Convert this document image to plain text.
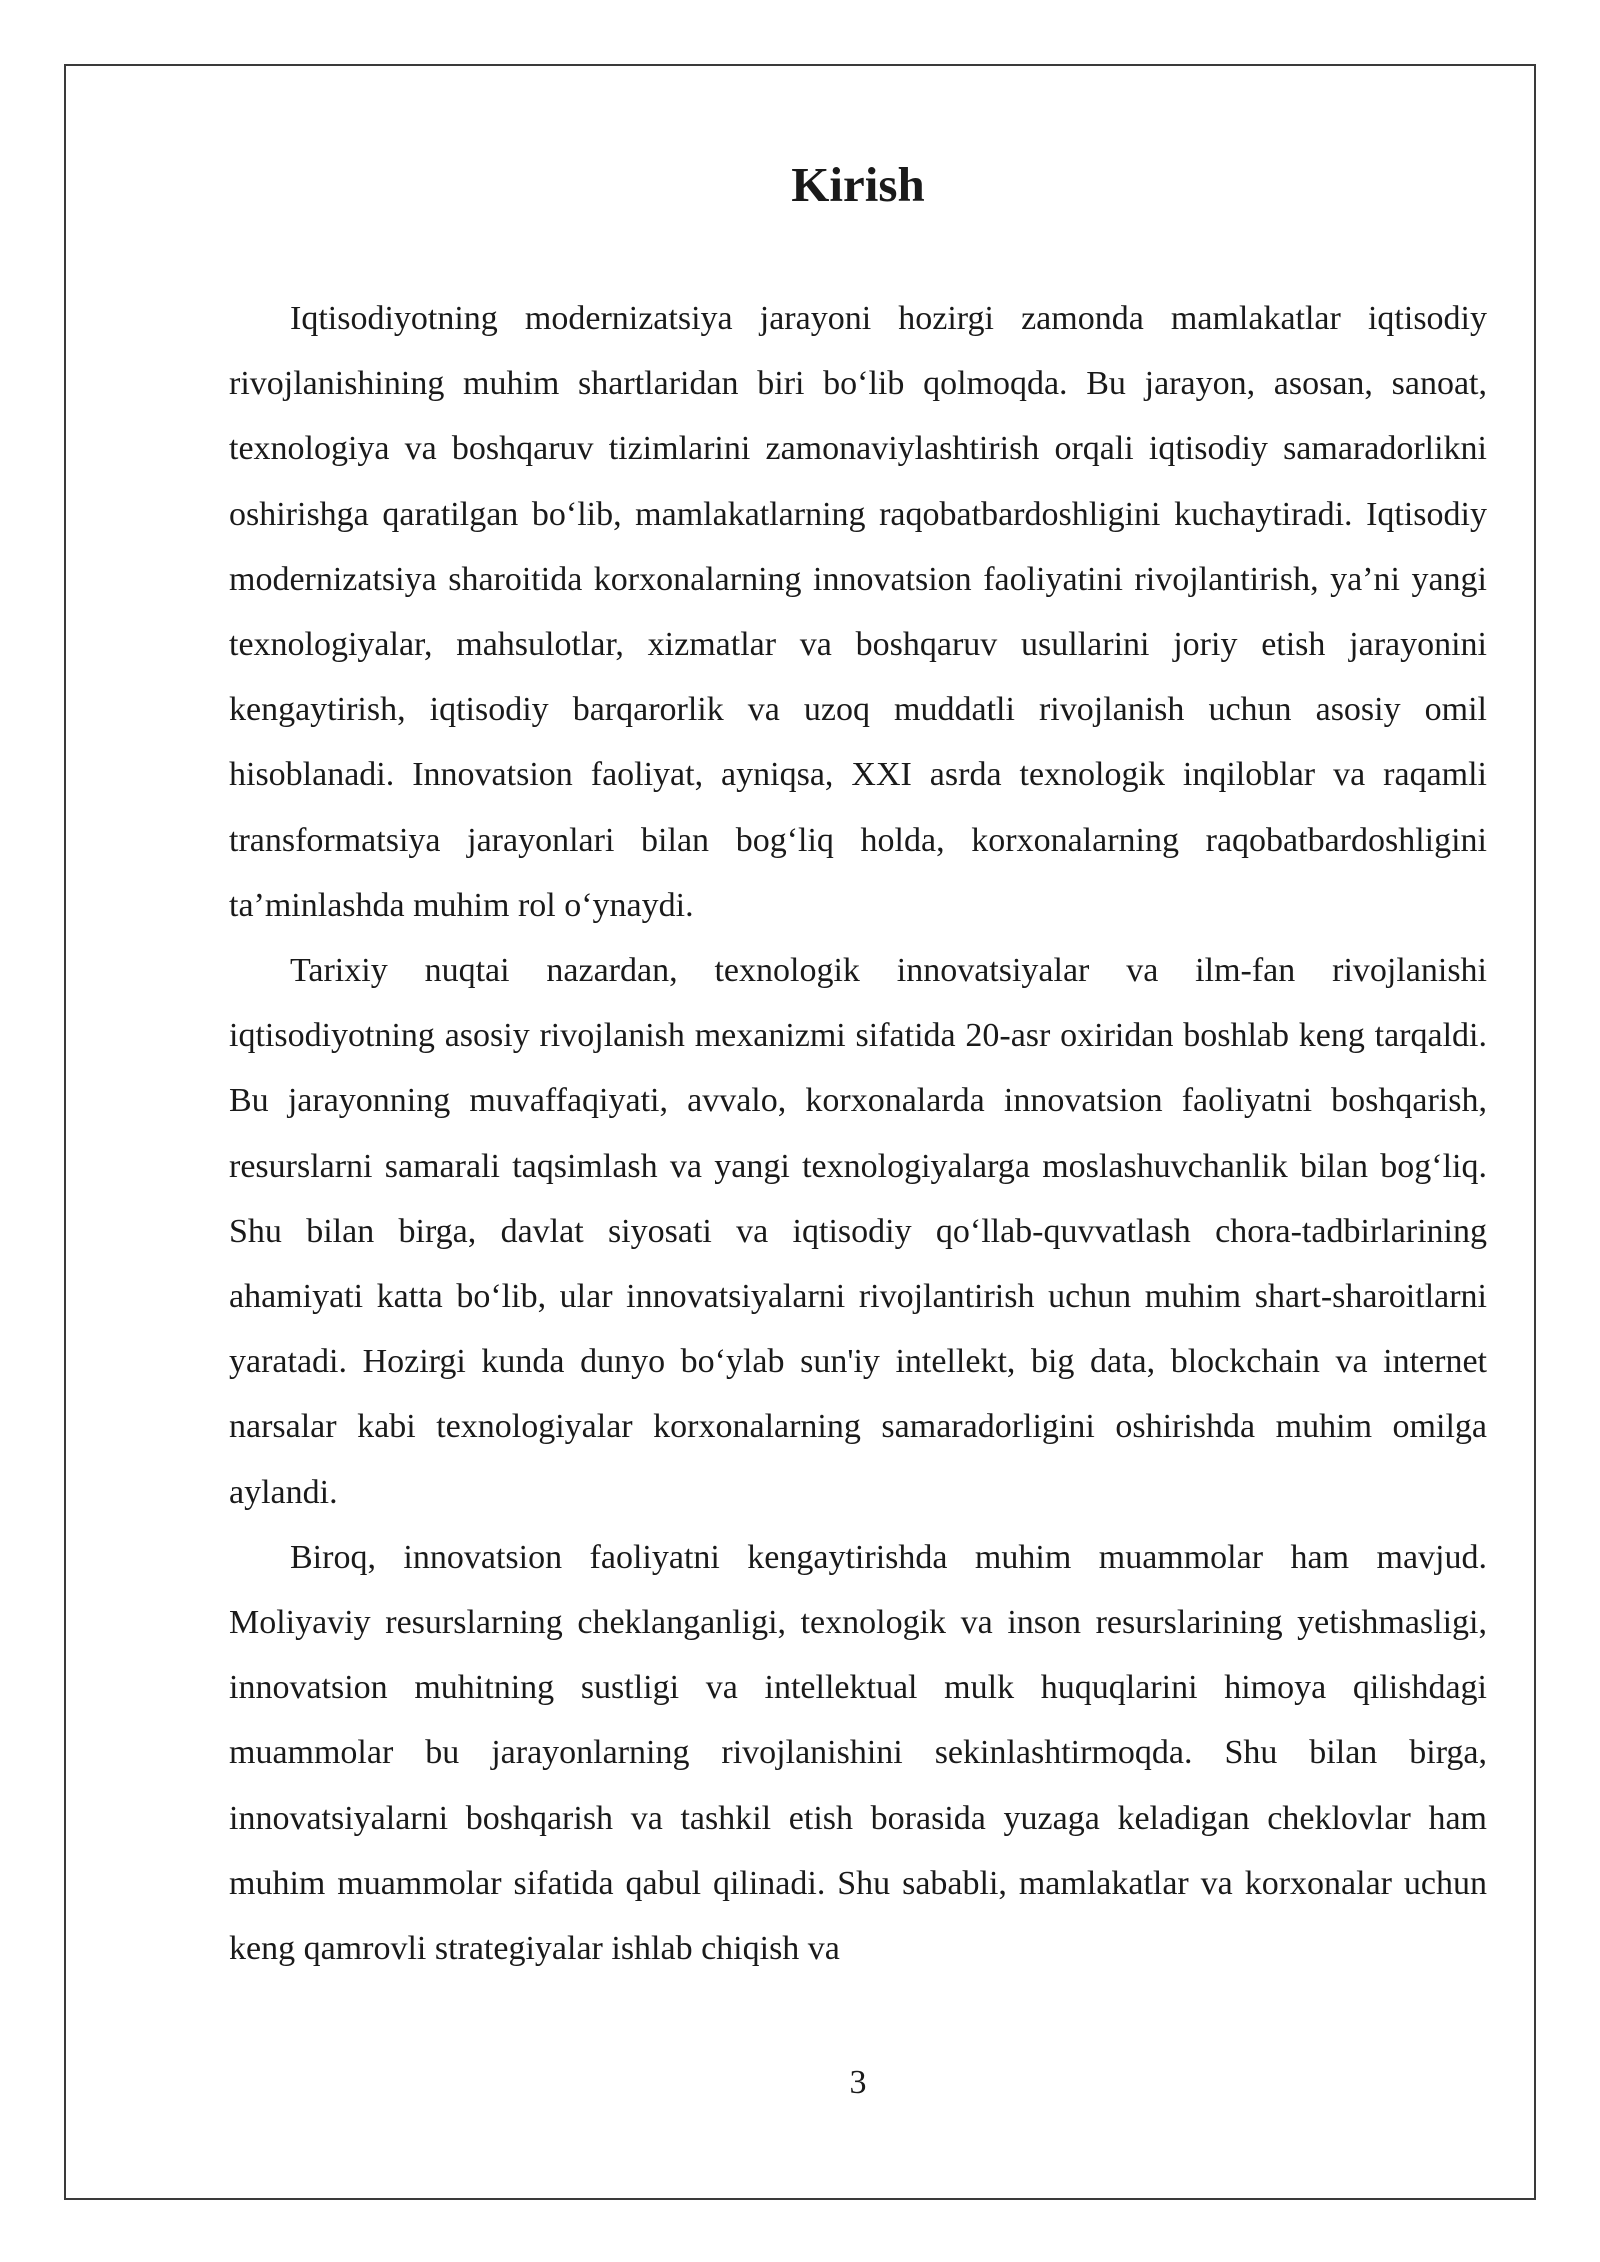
Kirish

Iqtisodiyotning modernizatsiya jarayoni hozirgi zamonda mamlakatlar iqtisodiy rivojlanishining muhim shartlaridan biri bo‘lib qolmoqda. Bu jarayon, asosan, sanoat, texnologiya va boshqaruv tizimlarini zamonaviylashtirish orqali iqtisodiy samaradorlikni oshirishga qaratilgan bo‘lib, mamlakatlarning raqobatbardoshligini kuchaytiradi. Iqtisodiy modernizatsiya sharoitida korxonalarning innovatsion faoliyatini rivojlantirish, ya’ni yangi texnologiyalar, mahsulotlar, xizmatlar va boshqaruv usullarini joriy etish jarayonini kengaytirish, iqtisodiy barqarorlik va uzoq muddatli rivojlanish uchun asosiy omil hisoblanadi. Innovatsion faoliyat, ayniqsa, XXI asrda texnologik inqiloblar va raqamli transformatsiya jarayonlari bilan bog‘liq holda, korxonalarning raqobatbardoshligini ta’minlashda muhim rol o‘ynaydi.

Tarixiy nuqtai nazardan, texnologik innovatsiyalar va ilm-fan rivojlanishi iqtisodiyotning asosiy rivojlanish mexanizmi sifatida 20-asr oxiridan boshlab keng tarqaldi. Bu jarayonning muvaffaqiyati, avvalo, korxonalarda innovatsion faoliyatni boshqarish, resurslarni samarali taqsimlash va yangi texnologiyalarga moslashuvchanlik bilan bog‘liq. Shu bilan birga, davlat siyosati va iqtisodiy qo‘llab-quvvatlash chora-tadbirlarining ahamiyati katta bo‘lib, ular innovatsiyalarni rivojlantirish uchun muhim shart-sharoitlarni yaratadi. Hozirgi kunda dunyo bo‘ylab sun'iy intellekt, big data, blockchain va internet narsalar kabi texnologiyalar korxonalarning samaradorligini oshirishda muhim omilga aylandi.

Biroq, innovatsion faoliyatni kengaytirishda muhim muammolar ham mavjud. Moliyaviy resurslarning cheklanganligi, texnologik va inson resurslarining yetishmasligi, innovatsion muhitning sustligi va intellektual mulk huquqlarini himoya qilishdagi muammolar bu jarayonlarning rivojlanishini sekinlashtirmoqda. Shu bilan birga, innovatsiyalarni boshqarish va tashkil etish borasida yuzaga keladigan cheklovlar ham muhim muammolar sifatida qabul qilinadi. Shu sababli, mamlakatlar va korxonalar uchun keng qamrovli strategiyalar ishlab chiqish va

3
